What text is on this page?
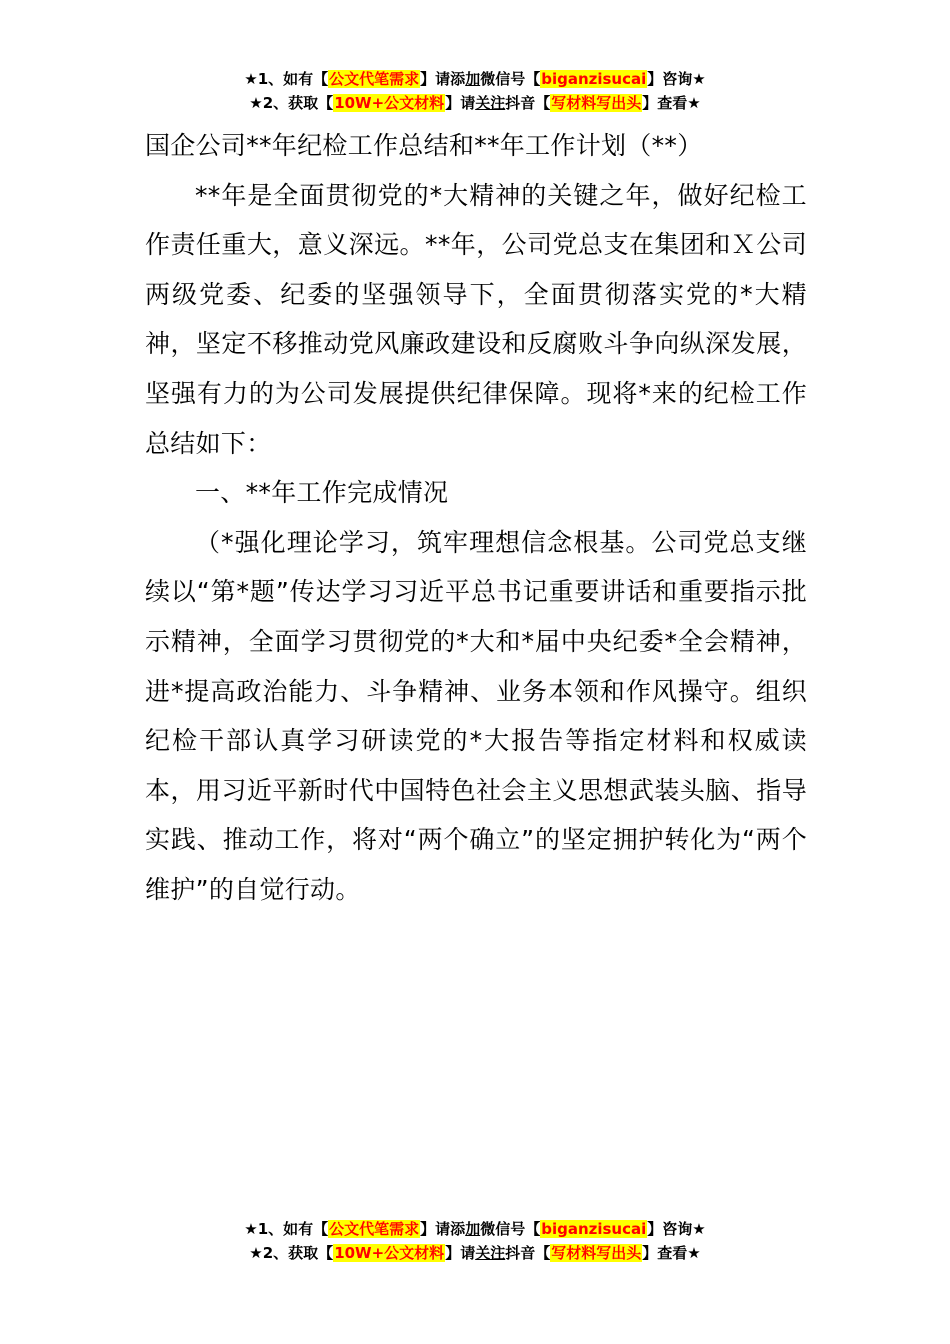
★1、如有【公文代笔需求】请添加微信号【biganzisucai】咨询★
★2、获取【10W+公文材料】请关注抖音【写材料写出头】查看★
国企公司**年纪检工作总结和**年工作计划（**）

**年是全面贯彻党的*大精神的关键之年，做好纪检工作责任重大，意义深远。**年，公司党总支在集团和Ｘ公司两级党委、纪委的坚强领导下，全面贯彻落实党的*大精神，坚定不移推动党风廉政建设和反腐败斗争向纵深发展，坚强有力的为公司发展提供纪律保障。现将*来的纪检工作总结如下：

一、**年工作完成情况

（*强化理论学习，筑牢理想信念根基。公司党总支继续以“第*题”传达学习习近平总书记重要讲话和重要指示批示精神，全面学习贯彻党的*大和*届中央纪委*全会精神，进*提高政治能力、斗争精神、业务本领和作风操守。组织纪检干部认真学习研读党的*大报告等指定材料和权威读本，用习近平新时代中国特色社会主义思想武装头脑、指导实践、推动工作，将对“两个确立”的坚定拥护转化为“两个维护”的自觉行动。

★1、如有【公文代笔需求】请添加微信号【biganzisucai】咨询★
★2、获取【10W+公文材料】请关注抖音【写材料写出头】查看★
